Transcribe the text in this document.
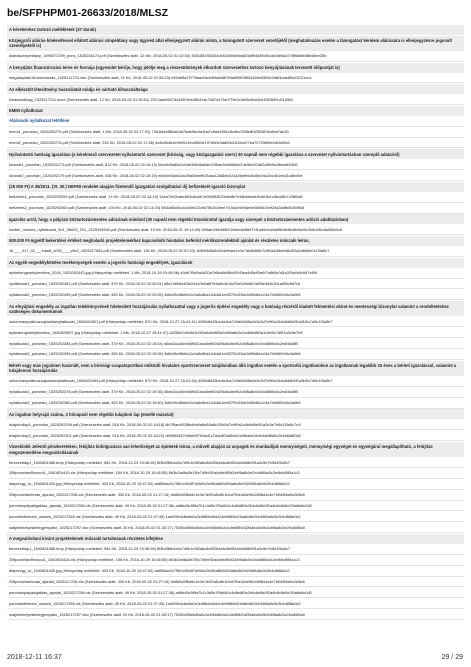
be/SFPHPM01-26633/2018/MLSZ
A kérelemhez tartozó mellékletek (37 darab)
Közjegyzői aláírás-hitelesítéssel ellátott aláírási címpéldány vagy ügyvéd által ellenjegyzett aláírás minta, a támogatott szervezet vezetőjétől (meghatalmazás esetén a támogatást kérelem aláírására is ellenjegyzésre jogosult személyektől is)
alairasicimpeldany_1495572299_pons_1525216174.pdf (Szerkesztés alatt, 12 Mb, 2018-05-02 01:42:54) 4551581f53304d4f10d98e5ba62b8f94489491c6d3e6a1978f6d8fe58bd8ee25b
A benyújtás finanszírozási terve és formája (egyesület kérője, hogy jelölje meg a részesülmények elhordott szervezethez tartozó benyújtásának tervezett időpontját is)
megalapítási-finanszírozás_1525211723.xlsx (Szerkesztés alatt, 11 Kb, 2018-05-02 01:55:23) b52a85a7977faab2acd4f8a5d8f7f8a69063f82d169e5354b2d8f4dae65a23121ce4
Az elkészült létesítmény használatát módja és várható kihasználtsága
kihasznaltsag_1525217211.docx (Szerkesztés alatt, 12 Kb, 2018-05-02 01:26:51) 2917ada9047dd1657bfa48041ac7b67d47ba7f75e2c3ef9c6ba2ed1f5269f1c51d3b2
EMMI nyilatkozat
Aláírandó nyilatkozat letöltése
emmi1_porcelan_1525292276.pdf (Szerkesztés alatt, 1 Mb, 2018-05-02 02:17:31) 73a1fa4b880a04b7bcb86e4a1ba7c5dd1f8f1c5cdbc293fe8f1f5f2d01fc8eb7ab33
emmi2_porcelan_1525292276.pdf (Szerkesztés alatt, 233 Kb, 2018-05-02 02:17:56) 4e8c5b4b4e0b9519ec5509e107d50e9dd00b2d10ce27ba7079360fe0d1b5554
Nyilvántartó hatóság igazolása (a kérelmező szervezetet nyilvántartó szervezet (bíróság, vagy közigazgatási szerv) 30 napnál nem régebbi igazolása a szervezet nyilvántartásban szereplő adatairól)
kivonat1_porcelan_1525292173.pdf (Szerkesztés alatt, 812 Kb, 2018-05-02 02:16:13) f0ca9d3a58c2c9de3b5d6a5ae10f5ae3e6d5a5cf14e9be87a62c6fb9a18ba6e93d9
kivonat2_porcelan_1525292179.pdf (Szerkesztés alatt, 436 Kb, 2018-05-02 02:16:19) e6cb4e3a0d2ac39a68eefb33aac12a8bbd1f1a36efe0c8a5e1f4a2bc4b1e6d1c8bcf0e
(25 000 Ft) A 39/2011. (VI. 30.) NEFMI rendelet alapján fizetendő igazgatási szolgáltatási díj befizetését igazoló bizonylat
befizetes1_porcelan_1525292059.pdf (Szerkesztés alatt, 14 Kb, 2018-05-02 02:14:19) 13ea70e2baec5b3c8a4b7e05d9f4520bdc8b7e58cbbeae61de3b1c3bcd8b7c3f60a8
befizetes2_porcelan_1525292064.pdf (Szerkesztés alatt, 194 Kb, 2018-05-02 02:14:24) 5f16a55d0c4cc0b9c22dfd75b2b2eee7f19a2e5e5ae9e56f4d19ef25a3ddfb0b3f4ff3d
Igazolás arról, hogy a pályázó köztartozásmentes adózónak minősül (30 napnál nem régebbi közokirattal igazolja vagy szerepel a köztartozásmentes adózói adatbázisban)
kozteh_mentes_nyilatkozat_001_26633_201_1525194540.pdf (Szerkesztés alatt, 19 Kb, 2018-05-01 19:14:49) 5d5ab1f6e3d5b22e6eda56bf71f1ad9c0a4a9f5e8ef6c6b9a40c2b8d45c4ad55e0c8
500.000 Ft-ügyeltf bekerülési értéket meghaladó projektelemekhez kapcsolódó hivatalos beférőd mérőkozrendekből ajánlat és részletes műszaki leírás,
16____017_02___Irdadl_v092____v9c0_1525217653.pdf (Szerkesztés alatt, 136 Kb, 2018-05-02 01:57:33) 1bfb53c8a5c0d4e9dac1c0e7db8b6f5c7c9f0a2d4e6b8c0f2a4d6b8e0c1f3a5c7
Az egyéb engedélyköteles tevékenységek esetén a jogerős hatósági engedélyek, igazolások
epitesiengedelykerelem_2018_1525292443.jpg (Hiányzólap melléklet, 1 Mb, 2018-10-29 15:46:06) a3db7f5d9a4d20a7b5da8e58c0f2d3ea4d5e93e6f7a8b9c0d1e2f3a4b5c6d7e8f9
nyilatkozat1_porcelan_1525292451.pdf (Szerkesztés alatt, 379 Kb, 2018-05-02 02:20:51) d8a7c6b5a4f3e2d1c0b9a8f7e6d5c4b3a2f1e0d9c8b7a6f5e4d3c2b1a0f9e8d7c6
nyilatkozat2_porcelan_1525292459.pdf (Szerkesztés alatt, 453 Kb, 2018-05-02 02:20:59) 3d8c9fc4f6e6c2c0a8c6ba1b3c6d1e4f37f2c59a1b0f8d6c1e3a7b9d5f2e8c4a0b6
Az elnyújtási engedély az ingatlan telekkönyvének hitelesített hozzájárulás nyilatkozattal vagy a jogerős építési engedély vagy a hatóság részéről kiadott felmentési okirat és mentességi bizonylat valamint a rendeltetéshez szükséges dokumentumok
onkormanyzatihozzajarulasnyilatkozat_1540624501.pdf (Hiányzólap melléklet, 870 Kb, 2018-10-27 15:41:41) 4069dfd33be4a1ba7c9d2e6f8a1b3c5d7e9f0a2b4c6d8e0f1a3b5c7d9e1f3a5b7
epitesiengedelykerelem_1540624507.jpg (Hiányzólap melléklet, 1 Mb, 2018-10-27 15:41:47) a328fa7c5e9d1b3f2a4c6e8f0b2d4f6a8c0e2a4b6d8f0a1c3e5b7d9f1a3c5e7b9
nyilatkozat1_porcelan_1525292384.pdf (Szerkesztés alatt, 379 Kb, 2018-05-02 02:19:44) d6ae2a1c8e4b6f0d2a4c6e8b0d2f4a6c8e0b2d4f6a8c0e2b4d6f8a0c2e4b6d8f0
nyilatkozat2_porcelan_1525292399.pdf (Szerkesztés alatt, 453 Kb, 2018-05-02 02:19:59) 3d8c9fc4f6e6c2c0a8c6ba1b3c6d1e4f37f2c59a1b0f8d6c1e3a7b9d5f2e8c4a0b6
Bérelt vagy más jogcímen használt, nem a bírósági-csapatsportban működő hivatalos sportszervezet tulajdonában álló ingatlan esetén a sportcélú ingatlanokon az ingatlannak legalább 15 éves a bérleti igazolással, valamint a tulajdonosi hozzájárulás
onkormanyzatihozzajarulasnyilatkozat_1540624494.pdf (Hiányzólap melléklet, 870 Kb, 2018-10-27 15:41:34) 4069dfd33be4a1ba7c9d2e6f8a1b3c5d7e9f0a2b4c6d8e0f1a3b5c7d9e1f3a5b7
nyilatkozat1_porcelan_1525292376.pdf (Szerkesztés alatt, 379 Kb, 2018-05-02 02:19:36) d6ae2a1c8e4b6f0d2a4c6e8b0d2f4a6c8e0b2d4f6a8c0e2b4d6f8a0c2e4b6d8f0
nyilatkozat2_porcelan_1525292380.pdf (Szerkesztés alatt, 453 Kb, 2018-05-02 02:19:40) 3d8c9fc4f6e6c2c0a8c6ba1b3c6d1e4f37f2c59a1b0f8d6c1e3a7b9d5f2e8c4a0b6
Az ingatlan helyrajzi száma, 3 hónapnál nem régebbi tulajdoni lap (emellé másolat)
tulajdonilap1_porcelan_1525292298.pdf (Szerkesztés alatt, 518 Kb, 2018-05-02 02:18:18) 8b7f5acd92f8bd9e6a6e55a8c1f3b5d7e9f0a2c4b6d8e0f1a3c5e7b9d1f3a5c7e9
tulajdonilap2_porcelan_1525292301.pdf (Szerkesztés alatt, 516 Kb, 2018-05-02 02:18:21) d69966487e08eb57b3ad1c7d4c8f2a6b0e2d4f6a8c0e2b4d6f8a0c2e4b6d8f0a2
Vizesblokk Jelentő pénzkereteken, felújítás kidolgozásra van lehetőséget az épületek leiras, a művelt alapján az anyagok és munkadíjak mennyiségeit, mennyiségi egységet és egységárai megállapítható, a felújítás megszenesítése megvalósításának
tervezettlap1_1540824386.bmp (Hiányzólap melléklet, 981 Kb, 2018-10-29 15:46:26) 8f3b4f8fe4a3c7d9b1e5f2a6c8d0f2b4a6c8e0f2a4b6d8e0f1a3c5e7b9d1f3a5c7
20fiporcelan/flecsoo1_1540824415.xls (Hiányzólap melléklet, 150 Kb, 2018-10-29 15:46:55) 8b3b2ad6a3e1f5c7d9b0f2a4c6e8f0b2d4f6a8c0e2b4d6f8a0c2e4b6d8f0a1c3
alaprevgy_to_1540824420.jpg (Hiányzólap melléklet, 403 Kb, 2018-10-29 15:47:00) ad856ac0c7f5b1d3e5f7a9b0c2e4f6a8b0d2f4a6c8e0b2d4f6a8c0e2b4d6f8a0c2
20fiporcelanforras_ajanlat_1525217236.xls (Szerkesztés alatt, 330 Kb, 2018-05-02 01:27:16) 4e8b5d3f6a9c1e4b7d0f2a5c8e1b4d7f0a3c6e9b2d5f8a1c4e7b0d3f6a9c2e5b8
porcelanpalyakigailtas_ajanlat_1525217256.xls (Szerkesztés alatt, 49 Kb, 2018-05-02 01:27:36) ad6bd3e5f9a7b1c3d5e7f9a0b2c4d6e8f0a2b4c6d8e0f2a4b6c8d0e2f4a6b8c0d2
porcelanfedezet_osszes_1525217265.xls (Szerkesztés alatt, 49 Kb, 2018-05-02 01:27:45) 1ad2f9b4c6e8a0c2e4f6b8d0a2c4e6f8b0d2f4a6c8e0b2d4f6a8c0e2b4d6f8a0c2
sraljelektelyesiletegyenyatlo_1525217297.xlsx (Szerkesztés alatt, 20 Kb, 2018-05-02 01:28:17) 7525b4f3b6d8a0c2e4f6b8d0a2c4e6f8b0d2f4a6c8e0b2d4f6a8c0e2b4d6f8a0
A megvalósítani kívánt projektelemek műszaki tartalmának részletes kifejtése
tervezettlap1_1540824386.bmp (Hiányzólap melléklet, 981 Kb, 2018-10-29 15:46:26) 8f3b4f8fe4a3c7d9b1e5f2a6c8d0f2b4a6c8e0f2a4b6d8e0f1a3c5e7b9d1f3a5c7
20fiporcelan/flecsoo1_1540824415.xls (Hiányzólap melléklet, 150 Kb, 2018-10-29 15:46:55) 8b3b2ad6a3e1f5c7d9b0f2a4c6e8f0b2d4f6a8c0e2b4d6f8a0c2e4b6d8f0a1c3
alaprevgy_to_1540824420.jpg (Hiányzólap melléklet, 403 Kb, 2018-10-29 15:47:00) ad856ac0c7f5b1d3e5f7a9b0c2e4f6a8b0d2f4a6c8e0b2d4f6a8c0e2b4d6f8a0c2
20fiporcelanforras_ajanlat_1525217236.xls (Szerkesztés alatt, 330 Kb, 2018-05-02 01:27:16) 4e8b5d3f6a9c1e4b7d0f2a5c8e1b4d7f0a3c6e9b2d5f8a1c4e7b0d3f6a9c2e5b8
porcelanpalyakigailtas_ajanlat_1525217256.xls (Szerkesztés alatt, 49 Kb, 2018-05-02 01:27:36) ad6bd3e5f9a7b1c3d5e7f9a0b2c4d6e8f0a2b4c6d8e0f2a4b6c8d0e2f4a6b8c0d2
porcelanfedezet_osszes_1525217265.xls (Szerkesztés alatt, 49 Kb, 2018-05-02 01:27:45) 1ad2f9b4c6e8a0c2e4f6b8d0a2c4e6f8b0d2f4a6c8e0b2d4f6a8c0e2b4d6f8a0c2
sraljelektelyesiletegyenyatlo_1525217297.xlsx (Szerkesztés alatt, 20 Kb, 2018-05-02 01:28:17) 7525b4f3b6d8a0c2e4f6b8d0a2c4e6f8b0d2f4a6c8e0b2d4f6a8c0e2b4d6f8a0
2018-12-11 16:37	29 / 29
